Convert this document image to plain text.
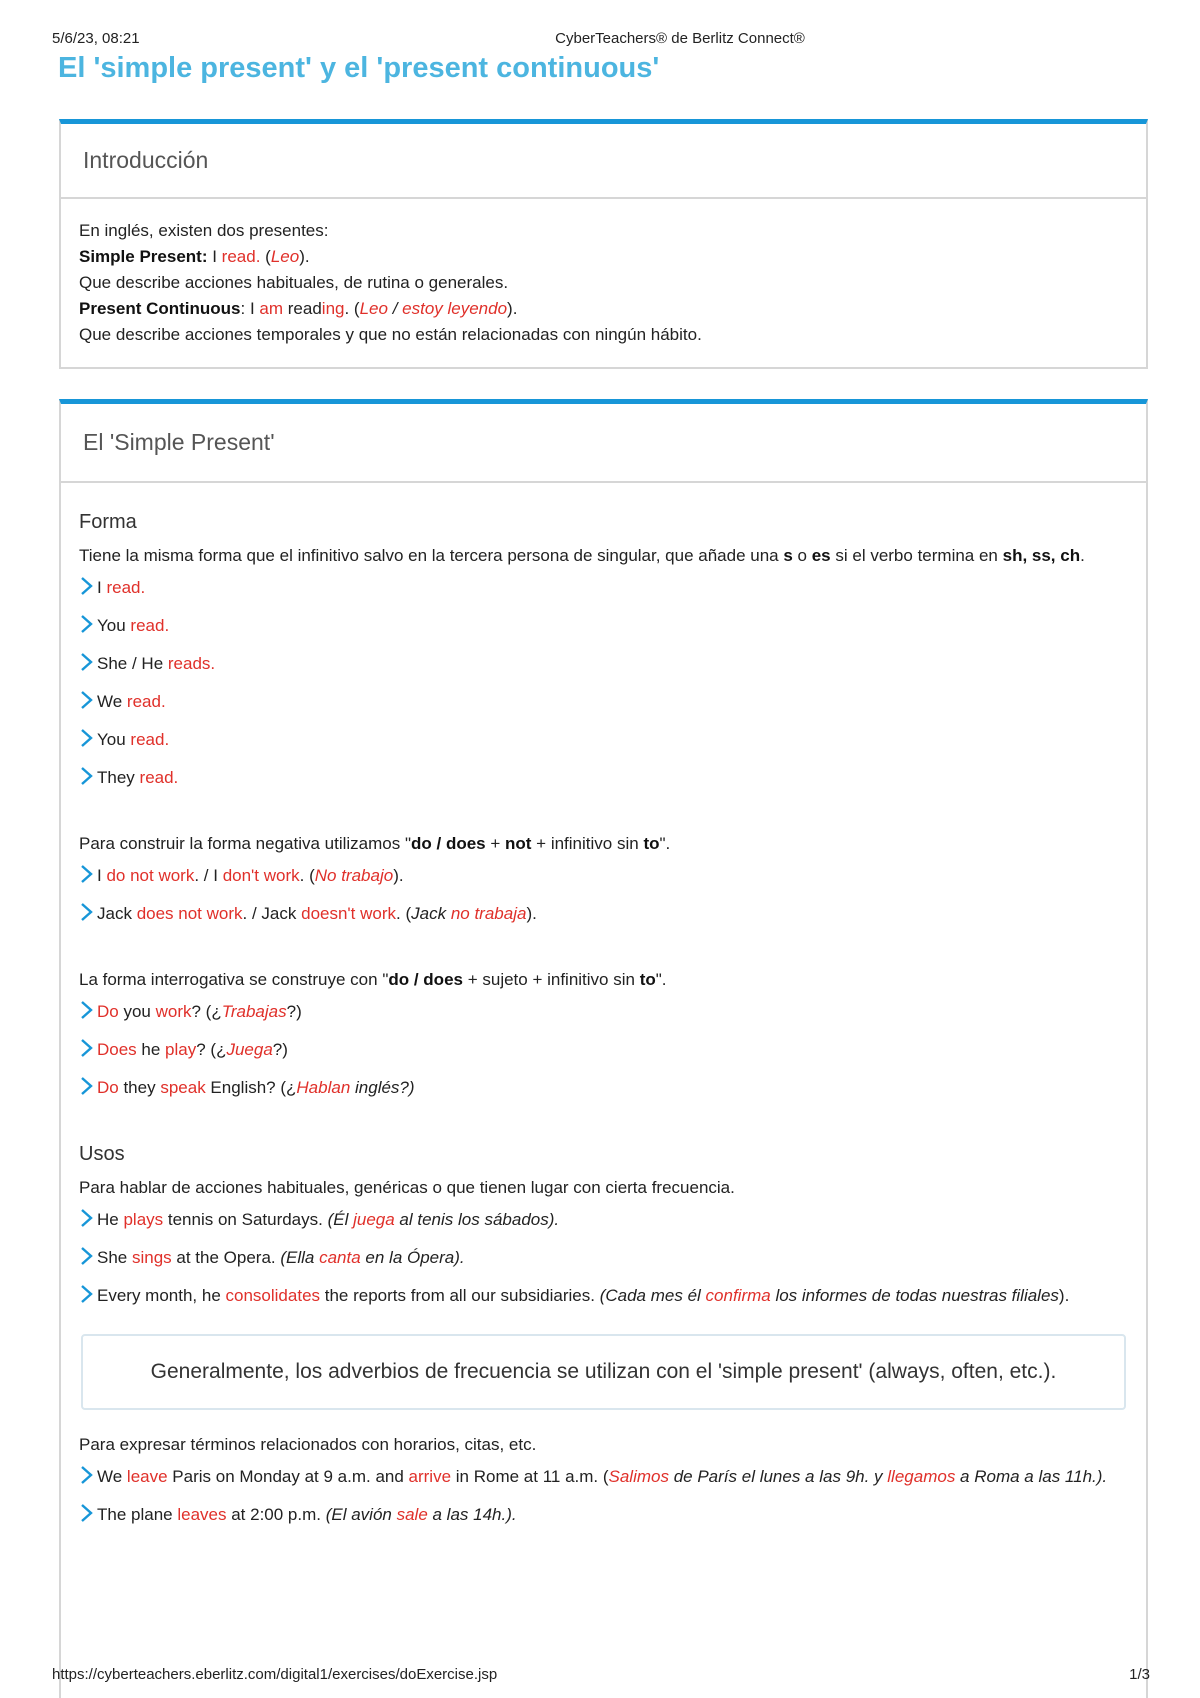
5/6/23, 08:21	CyberTeachers® de Berlitz Connect®
El 'simple present' y el 'present continuous'
Introducción
En inglés, existen dos presentes:
Simple Present: I read. (Leo).
Que describe acciones habituales, de rutina o generales.
Present Continuous: I am reading. (Leo / estoy leyendo).
Que describe acciones temporales y que no están relacionadas con ningún hábito.
El 'Simple Present'
Forma

Tiene la misma forma que el infinitivo salvo en la tercera persona de singular, que añade una s o es si el verbo termina en sh, ss, ch.

I read.
You read.
She / He reads.
We read.
You read.
They read.

Para construir la forma negativa utilizamos "do / does + not + infinitivo sin to".

I do not work. / I don't work. (No trabajo).
Jack does not work. / Jack doesn't work. (Jack no trabaja).

La forma interrogativa se construye con "do / does + sujeto + infinitivo sin to".

Do you work? (¿Trabajas?)
Does he play? (¿Juega?)
Do they speak English? (¿Hablan inglés?)
Usos

Para hablar de acciones habituales, genéricas o que tienen lugar con cierta frecuencia.

He plays tennis on Saturdays. (Él juega al tenis los sábados).
She sings at the Opera. (Ella canta en la Ópera).
Every month, he consolidates the reports from all our subsidiaries. (Cada mes él confirma los informes de todas nuestras filiales).
Generalmente, los adverbios de frecuencia se utilizan con el 'simple present' (always, often, etc.).

Para expresar términos relacionados con horarios, citas, etc.

We leave Paris on Monday at 9 a.m. and arrive in Rome at 11 a.m. (Salimos de París el lunes a las 9h. y llegamos a Roma a las 11h.).
The plane leaves at 2:00 p.m. (El avión sale a las 14h.).
https://cyberteachers.eberlitz.com/digital1/exercises/doExercise.jsp	1/3
